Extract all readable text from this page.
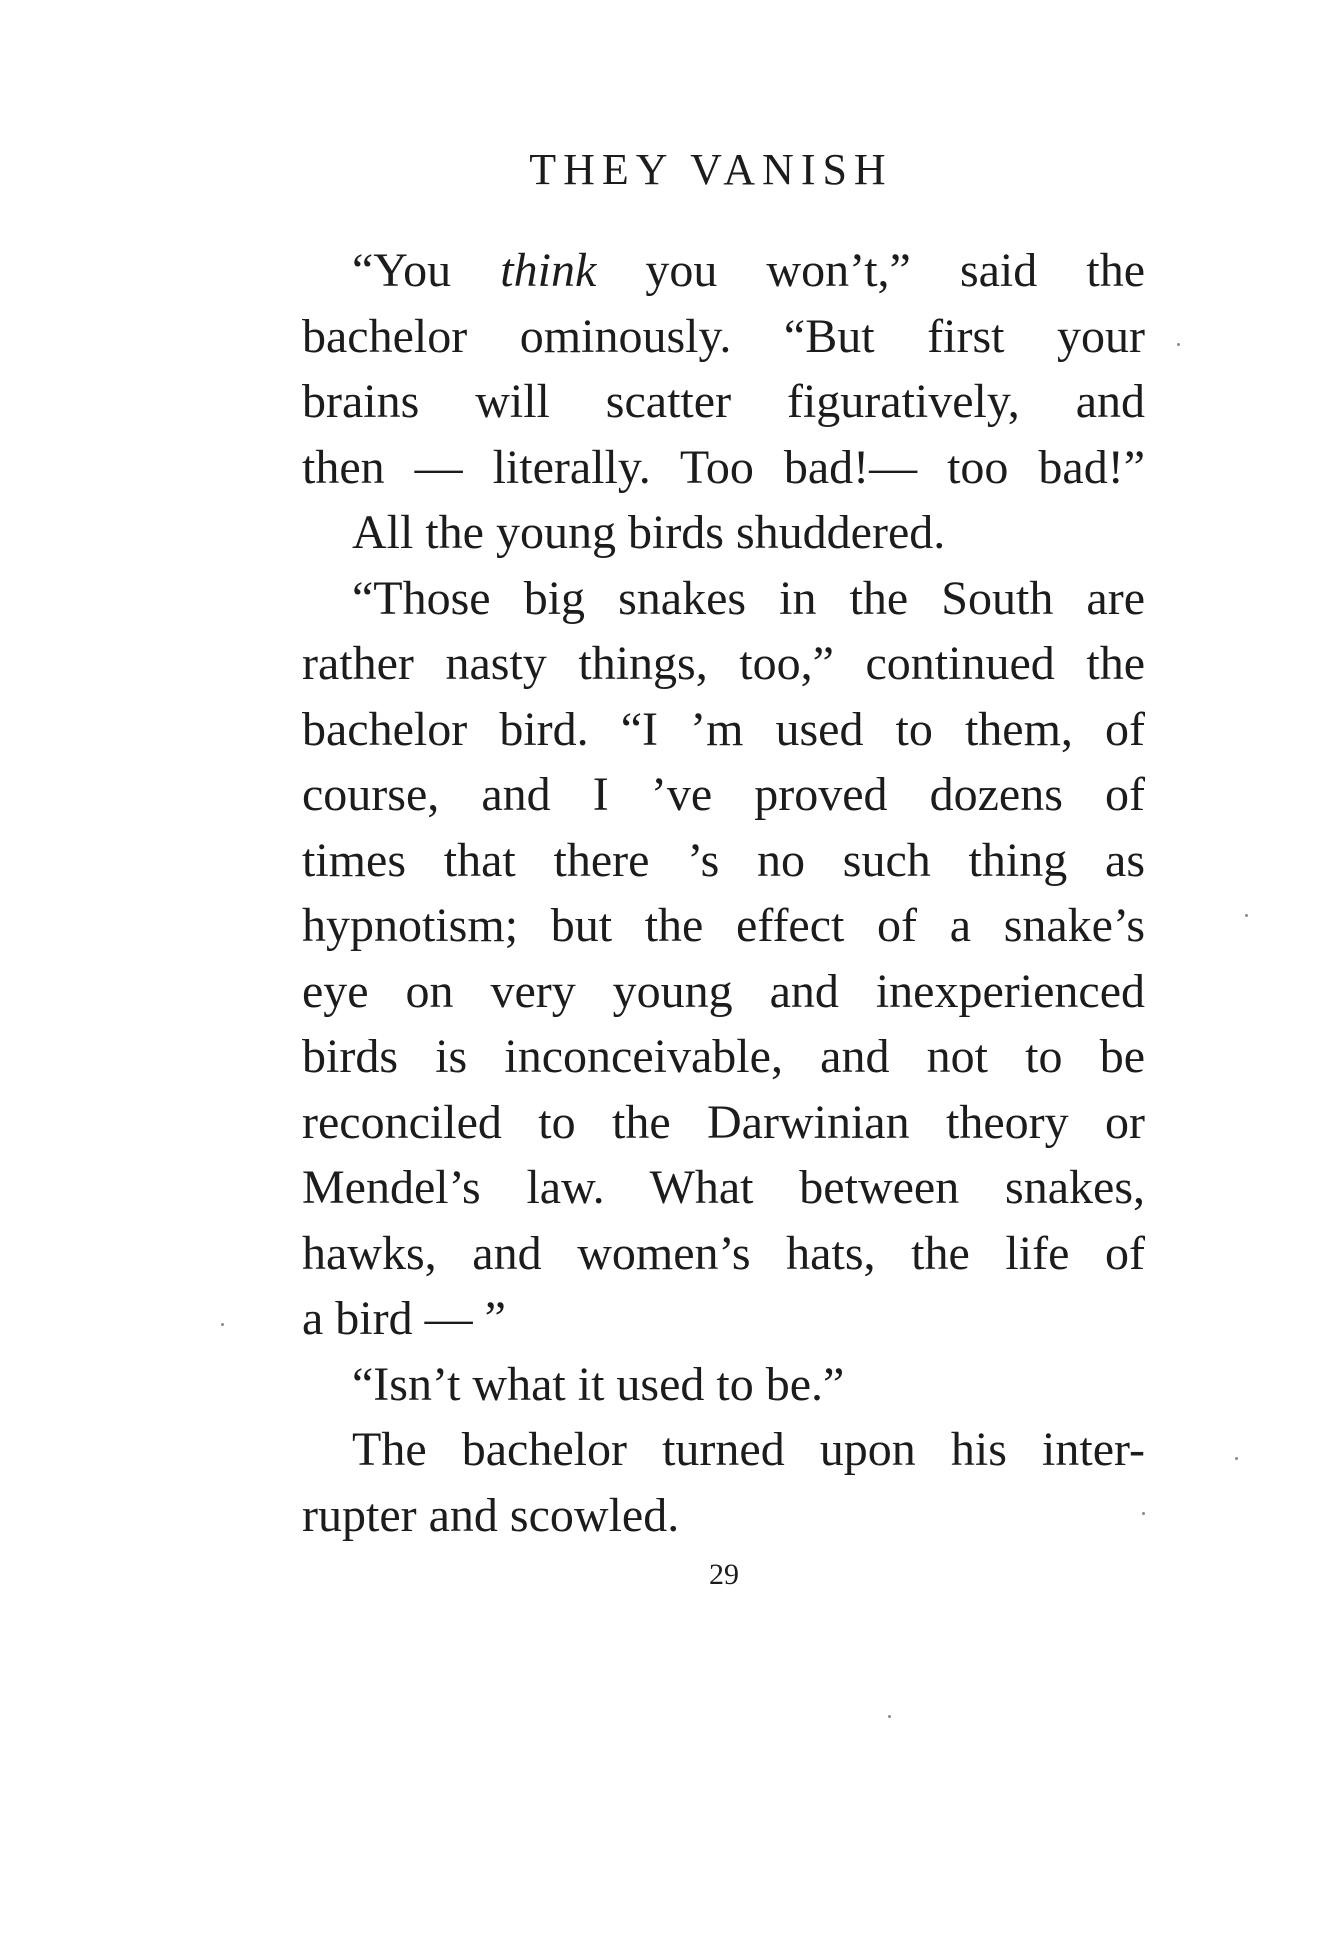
THEY VANISH
“You think you won’t,” said the
bachelor ominously. “But first your
brains will scatter figuratively, and
then — literally. Too bad!— too bad!”
All the young birds shuddered.
“Those big snakes in the South are
rather nasty things, too,” continued the
bachelor bird. “I ’m used to them, of
course, and I ’ve proved dozens of
times that there ’s no such thing as
hypnotism; but the effect of a snake’s
eye on very young and inexperienced
birds is inconceivable, and not to be
reconciled to the Darwinian theory or
Mendel’s law. What between snakes,
hawks, and women’s hats, the life of
a bird — ”
“Isn’t what it used to be.”
The bachelor turned upon his inter-
rupter and scowled.
29
